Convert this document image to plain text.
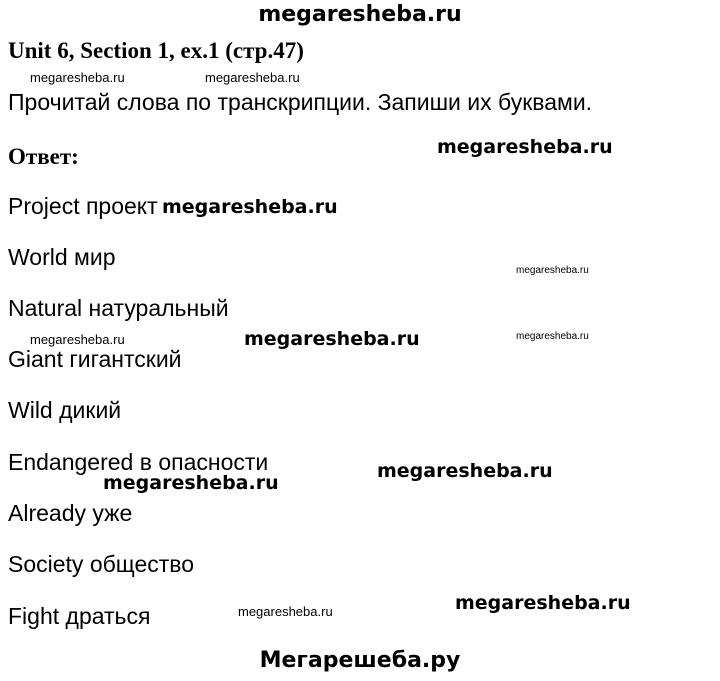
megaresheba.ru
Unit 6, Section 1, ex.1 (стр.47)
megaresheba.ru	megaresheba.ru
Прочитай слова по транскрипции. Запиши их буквами.
Ответ:	megaresheba.ru
Project проект megaresheba.ru
World мир
megaresheba.ru
Natural натуральный
megaresheba.ru	megaresheba.ru	megaresheba.ru
Giant гигантский
Wild дикий
Endangered в опасности	megaresheba.ru
megaresheba.ru
Already уже
Society общество
megaresheba.ru
Fight драться	megaresheba.ru
Мегарешеба.ру
